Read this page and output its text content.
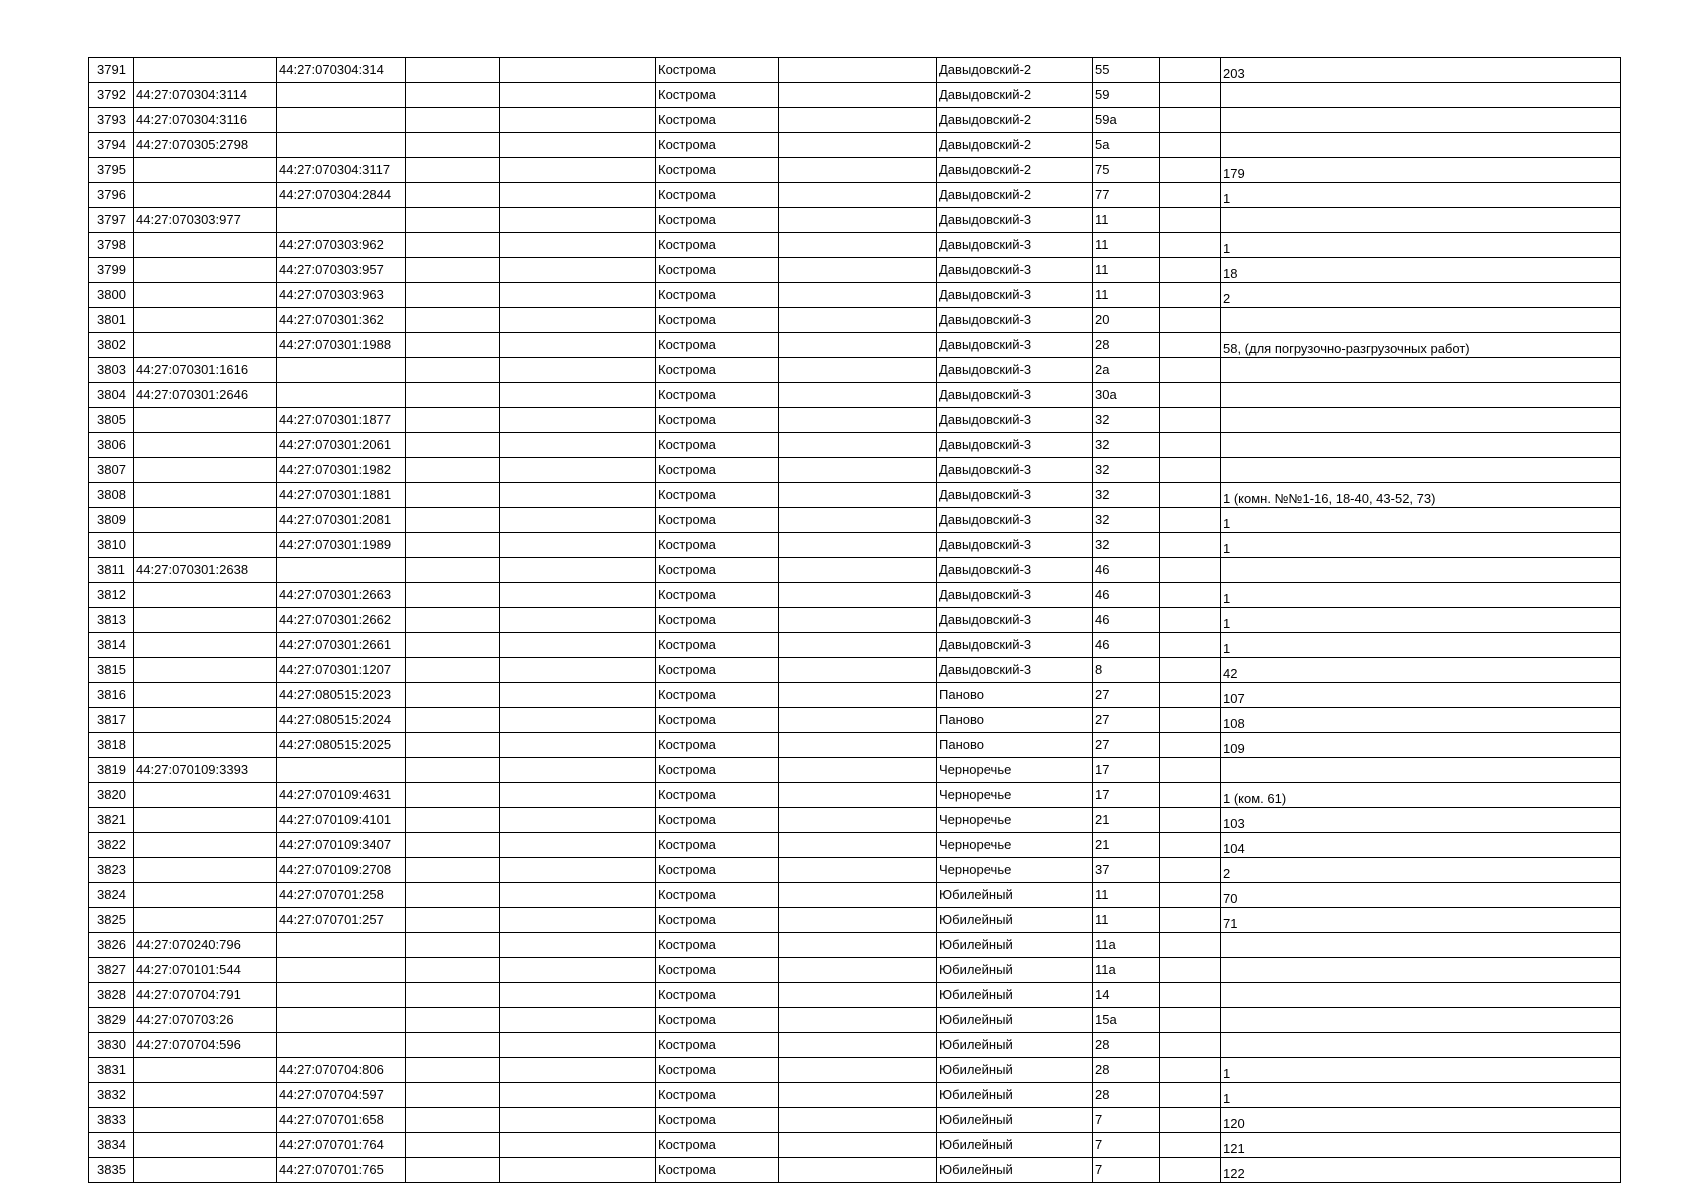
3791		44:27:070304:314			Кострома		Давыдовский-2	55		203
3792	44:27:070304:3114				Кострома		Давыдовский-2	59		
3793	44:27:070304:3116				Кострома		Давыдовский-2	59а		
3794	44:27:070305:2798				Кострома		Давыдовский-2	5а		
3795		44:27:070304:3117			Кострома		Давыдовский-2	75		179
3796		44:27:070304:2844			Кострома		Давыдовский-2	77		1
3797	44:27:070303:977				Кострома		Давыдовский-3	11		
3798		44:27:070303:962			Кострома		Давыдовский-3	11		1
3799		44:27:070303:957			Кострома		Давыдовский-3	11		18
3800		44:27:070303:963			Кострома		Давыдовский-3	11		2
3801		44:27:070301:362			Кострома		Давыдовский-3	20		
3802		44:27:070301:1988			Кострома		Давыдовский-3	28		58, (для погрузочно-разгрузочных работ)
3803	44:27:070301:1616				Кострома		Давыдовский-3	2а		
3804	44:27:070301:2646				Кострома		Давыдовский-3	30а		
3805		44:27:070301:1877			Кострома		Давыдовский-3	32		
3806		44:27:070301:2061			Кострома		Давыдовский-3	32		
3807		44:27:070301:1982			Кострома		Давыдовский-3	32		
3808		44:27:070301:1881			Кострома		Давыдовский-3	32		1 (комн. №№1-16, 18-40, 43-52, 73)
3809		44:27:070301:2081			Кострома		Давыдовский-3	32		1
3810		44:27:070301:1989			Кострома		Давыдовский-3	32		1
3811	44:27:070301:2638				Кострома		Давыдовский-3	46		
3812		44:27:070301:2663			Кострома		Давыдовский-3	46		1
3813		44:27:070301:2662			Кострома		Давыдовский-3	46		1
3814		44:27:070301:2661			Кострома		Давыдовский-3	46		1
3815		44:27:070301:1207			Кострома		Давыдовский-3	8		42
3816		44:27:080515:2023			Кострома		Паново	27		107
3817		44:27:080515:2024			Кострома		Паново	27		108
3818		44:27:080515:2025			Кострома		Паново	27		109
3819	44:27:070109:3393				Кострома		Черноречье	17		
3820		44:27:070109:4631			Кострома		Черноречье	17		1 (ком. 61)
3821		44:27:070109:4101			Кострома		Черноречье	21		103
3822		44:27:070109:3407			Кострома		Черноречье	21		104
3823		44:27:070109:2708			Кострома		Черноречье	37		2
3824		44:27:070701:258			Кострома		Юбилейный	11		70
3825		44:27:070701:257			Кострома		Юбилейный	11		71
3826	44:27:070240:796				Кострома		Юбилейный	11а		
3827	44:27:070101:544				Кострома		Юбилейный	11а		
3828	44:27:070704:791				Кострома		Юбилейный	14		
3829	44:27:070703:26				Кострома		Юбилейный	15а		
3830	44:27:070704:596				Кострома		Юбилейный	28		
3831		44:27:070704:806			Кострома		Юбилейный	28		1
3832		44:27:070704:597			Кострома		Юбилейный	28		1
3833		44:27:070701:658			Кострома		Юбилейный	7		120
3834		44:27:070701:764			Кострома		Юбилейный	7		121
3835		44:27:070701:765			Кострома		Юбилейный	7		122
